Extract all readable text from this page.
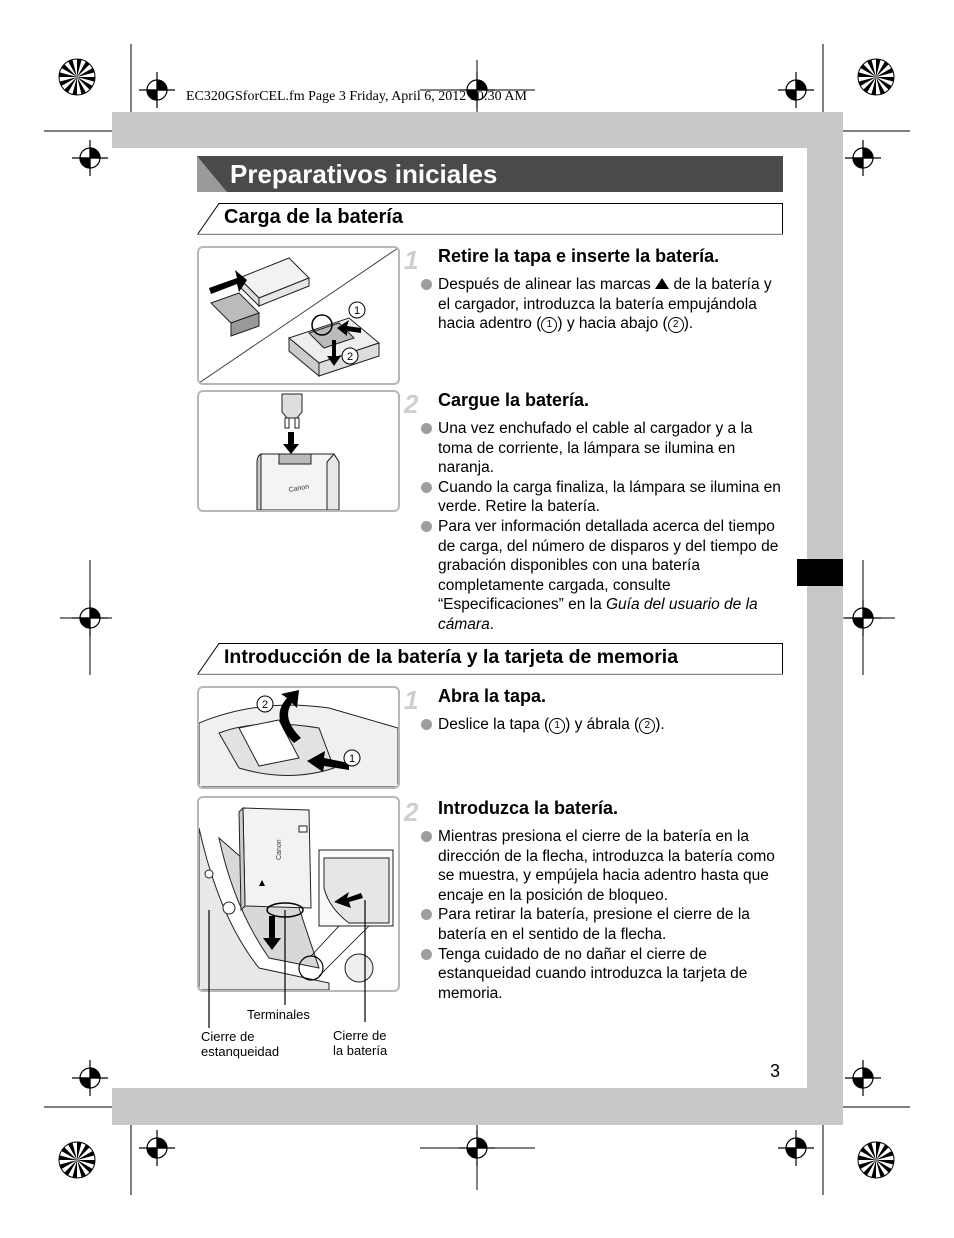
EC320GSforCEL.fm Page 3 Friday, April 6, 2012 10:30 AM
Preparativos iniciales
Carga de la batería
1
2
1 Retire la tapa e inserte la batería.
Después de alinear las marcas de la batería y el cargador, introduzca la batería empujándola hacia adentro ( 1 ) y hacia abajo ( 2 ).
Canon
2 Cargue la batería.
Una vez enchufado el cable al cargador y a la toma de corriente, la lámpara se ilumina en naranja.
Cuando la carga finaliza, la lámpara se ilumina en verde. Retire la batería.
Para ver información detallada acerca del tiempo de carga, del número de disparos y del tiempo de grabación disponibles con una batería completamente cargada, consulte “Especificaciones” en la Guía del usuario de la cámara.
Introducción de la batería y la tarjeta de memoria
2
1
1 Abra la tapa.
Deslice la tapa ( 1 ) y ábrala ( 2 ).
Canon
Terminales
Cierre de
estanqueidad
Cierre de
la batería
2 Introduzca la batería.
Mientras presiona el cierre de la batería en la dirección de la flecha, introduzca la batería como se muestra, y empújela hacia adentro hasta que encaje en la posición de bloqueo.
Para retirar la batería, presione el cierre de la batería en el sentido de la flecha.
Tenga cuidado de no dañar el cierre de estanqueidad cuando introduzca la tarjeta de memoria.
3
